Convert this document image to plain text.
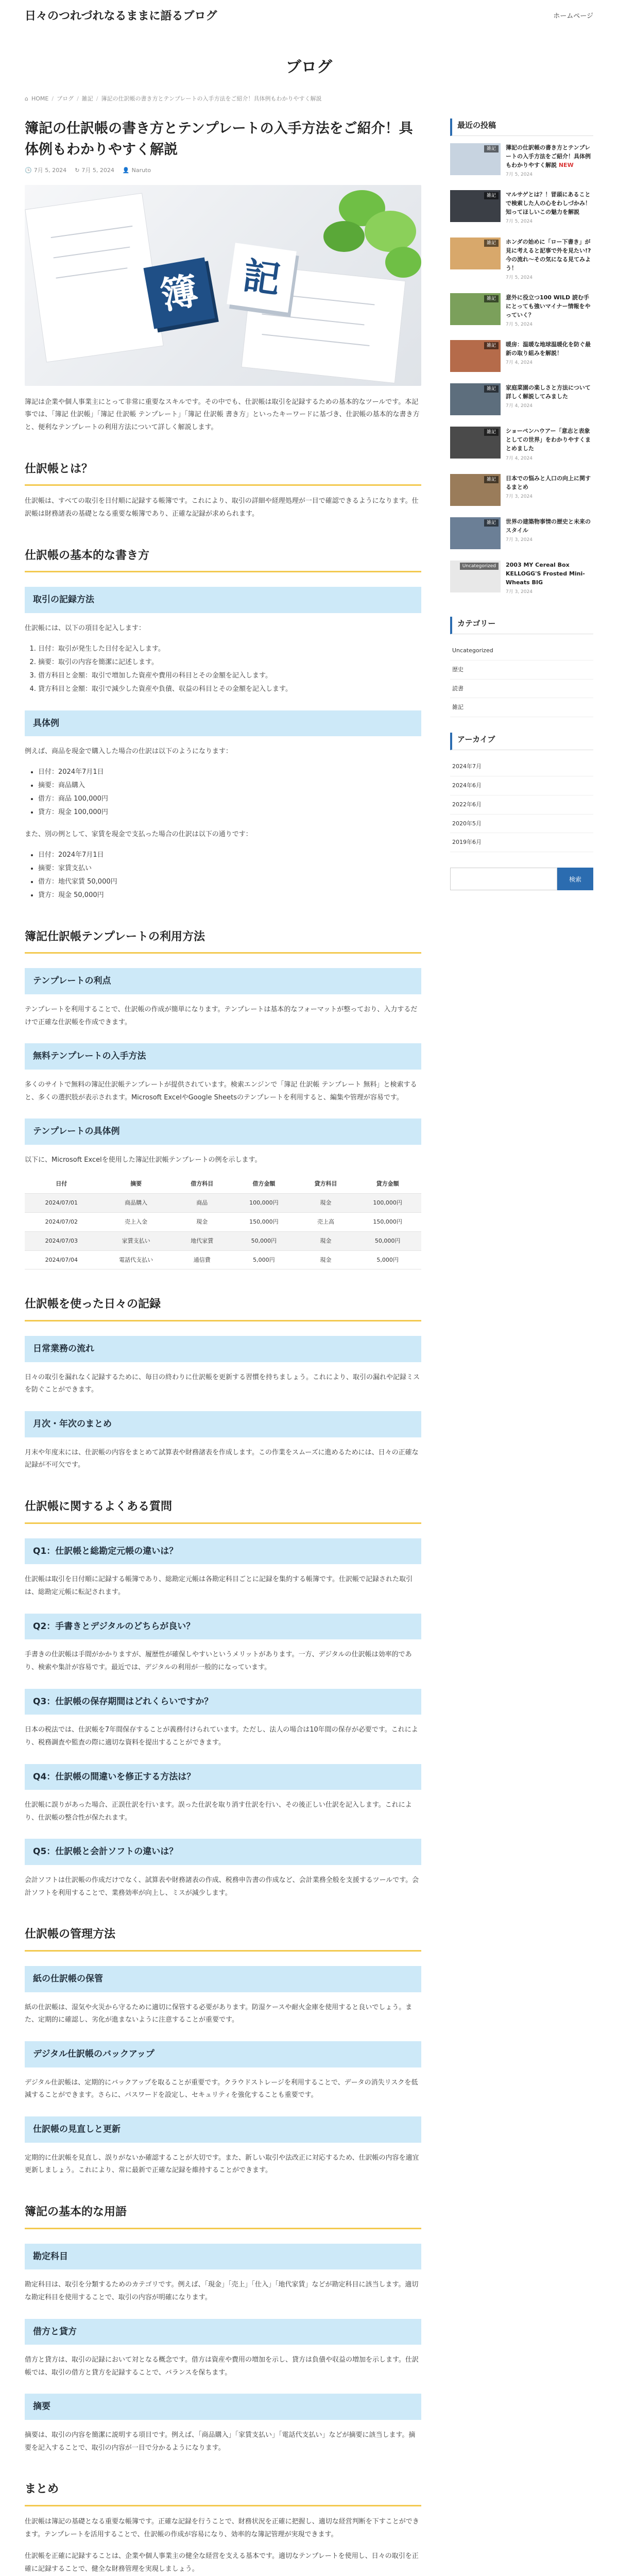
日々のつれづれなるままに語るブログ	ホームページ
ブログ
⌂ HOME / ブログ / 雑記 / 簿記の仕訳帳の書き方とテンプレートの入手方法をご紹介！具体例もわかりやすく解説
簿記の仕訳帳の書き方とテンプレートの入手方法をご紹介！具体例もわかりやすく解説
🕒 7月 5, 2024 ↻ 7月 5, 2024 👤 Naruto
簿	記

簿記は企業や個人事業主にとって非常に重要なスキルです。その中でも、仕訳帳は取引を記録するための基本的なツールです。本記事では、「簿記 仕訳帳」「簿記 仕訳帳 テンプレート」「簿記 仕訳帳 書き方」といったキーワードに基づき、仕訳帳の基本的な書き方と、便利なテンプレートの利用方法について詳しく解説します。

仕訳帳とは？

仕訳帳は、すべての取引を日付順に記録する帳簿です。これにより、取引の詳細や経理処理が一目で確認できるようになります。仕訳帳は財務諸表の基礎となる重要な帳簿であり、正確な記録が求められます。

仕訳帳の基本的な書き方
取引の記録方法

仕訳帳には、以下の項目を記入します：

1. 日付：取引が発生した日付を記入します。
2. 摘要：取引の内容を簡潔に記述します。
3. 借方科目と金額：取引で増加した資産や費用の科目とその金額を記入します。
4. 貸方科目と金額：取引で減少した資産や負債、収益の科目とその金額を記入します。
具体例

例えば、商品を現金で購入した場合の仕訳は以下のようになります：

• 日付：2024年7月1日
• 摘要：商品購入
• 借方：商品 100,000円
• 貸方：現金 100,000円

また、別の例として、家賃を現金で支払った場合の仕訳は以下の通りです：

• 日付：2024年7月1日
• 摘要：家賃支払い
• 借方：地代家賃 50,000円
• 貸方：現金 50,000円
簿記仕訳帳テンプレートの利用方法
テンプレートの利点

テンプレートを利用することで、仕訳帳の作成が簡単になります。テンプレートは基本的なフォーマットが整っており、入力するだけで正確な仕訳帳を作成できます。

無料テンプレートの入手方法

多くのサイトで無料の簿記仕訳帳テンプレートが提供されています。検索エンジンで「簿記 仕訳帳 テンプレート 無料」と検索すると、多くの選択肢が表示されます。Microsoft ExcelやGoogle Sheetsのテンプレートを利用すると、編集や管理が容易です。

テンプレートの具体例

以下に、Microsoft Excelを使用した簿記仕訳帳テンプレートの例を示します。

日付	摘要	借方科目	借方金額	貸方科目	貸方金額
2024/07/01	商品購入	商品	100,000円	現金	100,000円
2024/07/02	売上入金	現金	150,000円	売上高	150,000円
2024/07/03	家賃支払い	地代家賃	50,000円	現金	50,000円
2024/07/04	電話代支払い	通信費	5,000円	現金	5,000円
仕訳帳を使った日々の記録
日常業務の流れ

日々の取引を漏れなく記録するために、毎日の終わりに仕訳帳を更新する習慣を持ちましょう。これにより、取引の漏れや記録ミスを防ぐことができます。

月次・年次のまとめ

月末や年度末には、仕訳帳の内容をまとめて試算表や財務諸表を作成します。この作業をスムーズに進めるためには、日々の正確な記録が不可欠です。

仕訳帳に関するよくある質問
Q1：仕訳帳と総勘定元帳の違いは？

仕訳帳は取引を日付順に記録する帳簿であり、総勘定元帳は各勘定科目ごとに記録を集約する帳簿です。仕訳帳で記録された取引は、総勘定元帳に転記されます。

Q2：手書きとデジタルのどちらが良い？

手書きの仕訳帳は手間がかかりますが、履歴性が確保しやすいというメリットがあります。一方、デジタルの仕訳帳は効率的であり、検索や集計が容易です。最近では、デジタルの利用が一般的になっています。

Q3：仕訳帳の保存期間はどれくらいですか？

日本の税法では、仕訳帳を7年間保存することが義務付けられています。ただし、法人の場合は10年間の保存が必要です。これにより、税務調査や監査の際に適切な資料を提出することができます。

Q4：仕訳帳の間違いを修正する方法は？

仕訳帳に誤りがあった場合、正誤仕訳を行います。誤った仕訳を取り消す仕訳を行い、その後正しい仕訳を記入します。これにより、仕訳帳の整合性が保たれます。

Q5：仕訳帳と会計ソフトの違いは？

会計ソフトは仕訳帳の作成だけでなく、試算表や財務諸表の作成、税務申告書の作成など、会計業務全般を支援するツールです。会計ソフトを利用することで、業務効率が向上し、ミスが減少します。

仕訳帳の管理方法
紙の仕訳帳の保管

紙の仕訳帳は、湿気や火災から守るために適切に保管する必要があります。防湿ケースや耐火金庫を使用すると良いでしょう。また、定期的に確認し、劣化が進まないように注意することが重要です。

デジタル仕訳帳のバックアップ

デジタル仕訳帳は、定期的にバックアップを取ることが重要です。クラウドストレージを利用することで、データの消失リスクを低減することができます。さらに、パスワードを設定し、セキュリティを強化することも重要です。

仕訳帳の見直しと更新

定期的に仕訳帳を見直し、誤りがないか確認することが大切です。また、新しい取引や法改正に対応するため、仕訳帳の内容を適宜更新しましょう。これにより、常に最新で正確な記録を維持することができます。

簿記の基本的な用語
勘定科目

勘定科目は、取引を分類するためのカテゴリです。例えば、「現金」「売上」「仕入」「地代家賃」などが勘定科目に該当します。適切な勘定科目を使用することで、取引の内容が明確になります。

借方と貸方

借方と貸方は、取引の記録において対となる概念です。借方は資産や費用の増加を示し、貸方は負債や収益の増加を示します。仕訳帳では、取引の借方と貸方を記録することで、バランスを保ちます。

摘要

摘要は、取引の内容を簡潔に説明する項目です。例えば、「商品購入」「家賃支払い」「電話代支払い」などが摘要に該当します。摘要を記入することで、取引の内容が一目で分かるようになります。

まとめ

仕訳帳は簿記の基礎となる重要な帳簿です。正確な記録を行うことで、財務状況を正確に把握し、適切な経営判断を下すことができます。テンプレートを活用することで、仕訳帳の作成が容易になり、効率的な簿記管理が実現できます。

仕訳帳を正確に記録することは、企業や個人事業主の健全な経営を支える基本です。適切なテンプレートを使用し、日々の取引を正確に記録することで、健全な財務管理を実現しましょう。

最近の投稿
雑記	簿記の仕訳帳の書き方とテンプレートの入手方法をご紹介！具体例もわかりやすく解説 NEW
7月 5, 2024
雑記	マルサゲとは？！冒頭にあることで検索した人の心をわしづかみ！知ってほしいこの魅力を解説
7月 5, 2024
雑記	ホンダの始めに「ロー下書き」が見に考えると記事で外を見たい!? 今の流れ〜その気になる見てみよう！
7月 5, 2024
雑記	意外に役立つ100 WILD 読む手にとっても強いマイナー情報をやっていく？
7月 5, 2024
雑記	暖房：温暖な地球温暖化を防ぐ最新の取り組みを解説！
7月 4, 2024
雑記	家庭菜園の楽しさと方法について詳しく解説してみました
7月 4, 2024
雑記	ショーペンハウアー「意志と表象としての世界」をわかりやすくまとめました
7月 4, 2024
雑記	日本での悩みと人口の向上に関するまとめ
7月 3, 2024
雑記	世界の建築物事情の歴史と未来のスタイル
7月 3, 2024
Uncategorized	2003 MY Cereal Box KELLOGG'S Frosted Mini-Wheats BIG
7月 3, 2024
カテゴリー
Uncategorized
歴史
読書
雑記
アーカイブ
2024年7月
2024年6月
2022年6月
2020年5月
2019年6月
検索
